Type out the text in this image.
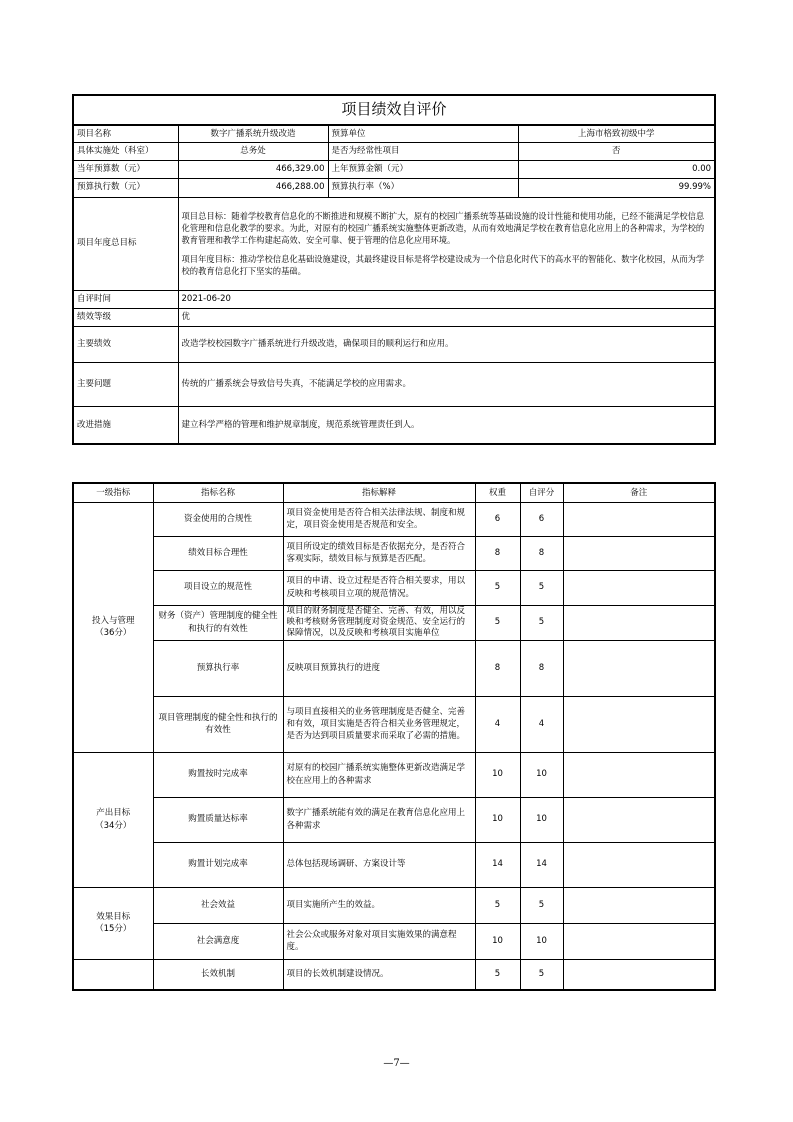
项目绩效自评价			
项目名称	数字广播系统升级改造	预算单位	上海市格致初级中学
具体实施处（科室）	总务处	是否为经常性项目	否
当年预算数（元）	466,329.00	上年预算金额（元）	0.00
预算执行数（元）	466,288.00	预算执行率（%）	99.99%
项目年度总目标	项目总目标：随着学校教育信息化的不断推进和规模不断扩大，原有的校园广播系统等基础设施的设计性能和使用功能，已经不能满足学校信息化管理和信息化教学的要求。为此，对原有的校园广播系统实施整体更新改造，从而有效地满足学校在教育信息化应用上的各种需求，为学校的教育管理和教学工作构建起高效、安全可靠、便于管理的信息化应用环境。

项目年度目标：推动学校信息化基础设施建设，其最终建设目标是将学校建设成为一个信息化时代下的高水平的智能化、数字化校园，从而为学校的教育信息化打下坚实的基础。		

自评时间	2021-06-20		
绩效等级	优		
主要绩效	改造学校校园数字广播系统进行升级改造，确保项目的顺利运行和应用。		
主要问题	传统的广播系统会导致信号失真，不能满足学校的应用需求。		
改进措施	建立科学严格的管理和维护规章制度，规范系统管理责任到人。		
一级指标	指标名称	指标解释	权重	自评分	备注

投入与管理
（36分）	资金使用的合规性	项目资金使用是否符合相关法律法规、制度和规定，项目资金使用是否规范和安全。	6	6	
	绩效目标合理性	项目所设定的绩效目标是否依据充分，是否符合客观实际，绩效目标与预算是否匹配。	8	8	
	项目设立的规范性	项目的申请、设立过程是否符合相关要求，用以反映和考核项目立项的规范情况。	5	5	
	财务（资产）管理制度的健全性和执行的有效性	项目的财务制度是否健全、完善、有效，用以反映和考核财务管理制度对资金规范、安全运行的保障情况，以及反映和考核项目实施单位	5	5	
	预算执行率	反映项目预算执行的进度	8	8	
	项目管理制度的健全性和执行的有效性	与项目直接相关的业务管理制度是否健全、完善和有效，项目实施是否符合相关业务管理规定，是否为达到项目质量要求而采取了必需的措施。	4	4	

产出目标
（34分）	购置按时完成率	对原有的校园广播系统实施整体更新改造满足学校在应用上的各种需求	10	10	
	购置质量达标率	数字广播系统能有效的满足在教育信息化应用上各种需求	10	10	
	购置计划完成率	总体包括现场调研、方案设计等	14	14	

效果目标
（15分）	社会效益	项目实施所产生的效益。	5	5	
	社会满意度	社会公众或服务对象对项目实施效果的满意程度。	10	10	

	长效机制	项目的长效机制建设情况。	5	5	
—7—
